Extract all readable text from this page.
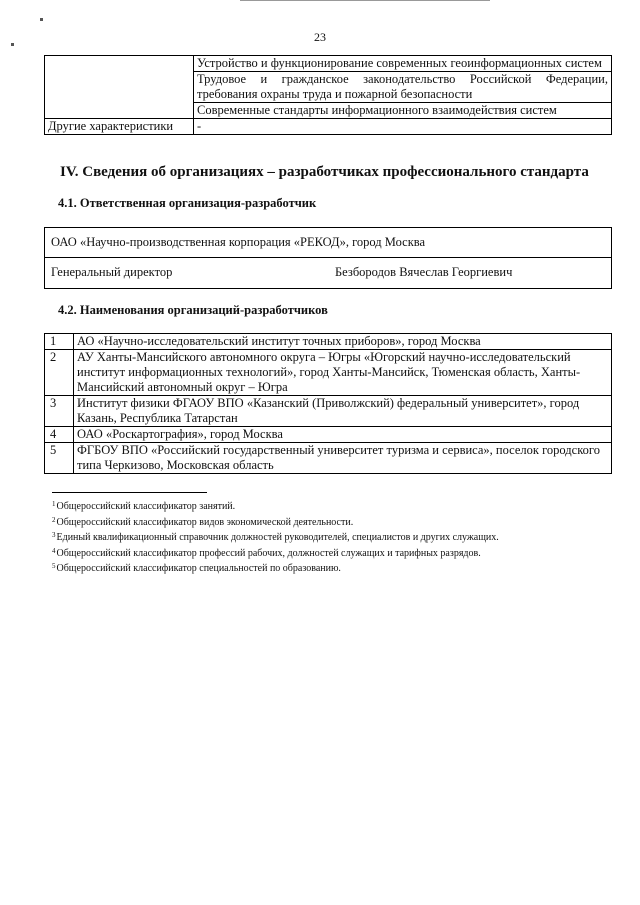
23
	Устройство и функционирование современных геоинформационных систем
	Трудовое и гражданское законодательство Российской Федерации, требования охраны труда и пожарной безопасности
	Современные стандарты информационного взаимодействия систем
Другие характеристики	-
IV. Сведения об организациях – разработчиках профессионального стандарта
4.1. Ответственная организация-разработчик
ОАО «Научно-производственная корпорация «РЕКОД», город Москва
Генеральный директор	Безбородов Вячеслав Георгиевич
4.2. Наименования организаций-разработчиков
1	АО «Научно-исследовательский институт точных приборов», город Москва
2	АУ Ханты-Мансийского автономного округа – Югры «Югорский научно-исследовательский институт информационных технологий», город Ханты-Мансийск, Тюменская область, Ханты-Мансийский автономный округ – Югра
3	Институт физики ФГАОУ ВПО «Казанский (Приволжский) федеральный университет», город Казань, Республика Татарстан
4	ОАО «Роскартография», город Москва
5	ФГБОУ ВПО «Российский государственный университет туризма и сервиса», поселок городского типа Черкизово, Московская область
$^1$Общероссийский классификатор занятий.
$^2$Общероссийский классификатор видов экономической деятельности.
$^3$Единый квалификационный справочник должностей руководителей, специалистов и других служащих.
$^4$Общероссийский классификатор профессий рабочих, должностей служащих и тарифных разрядов.
$^5$Общероссийский классификатор специальностей по образованию.
